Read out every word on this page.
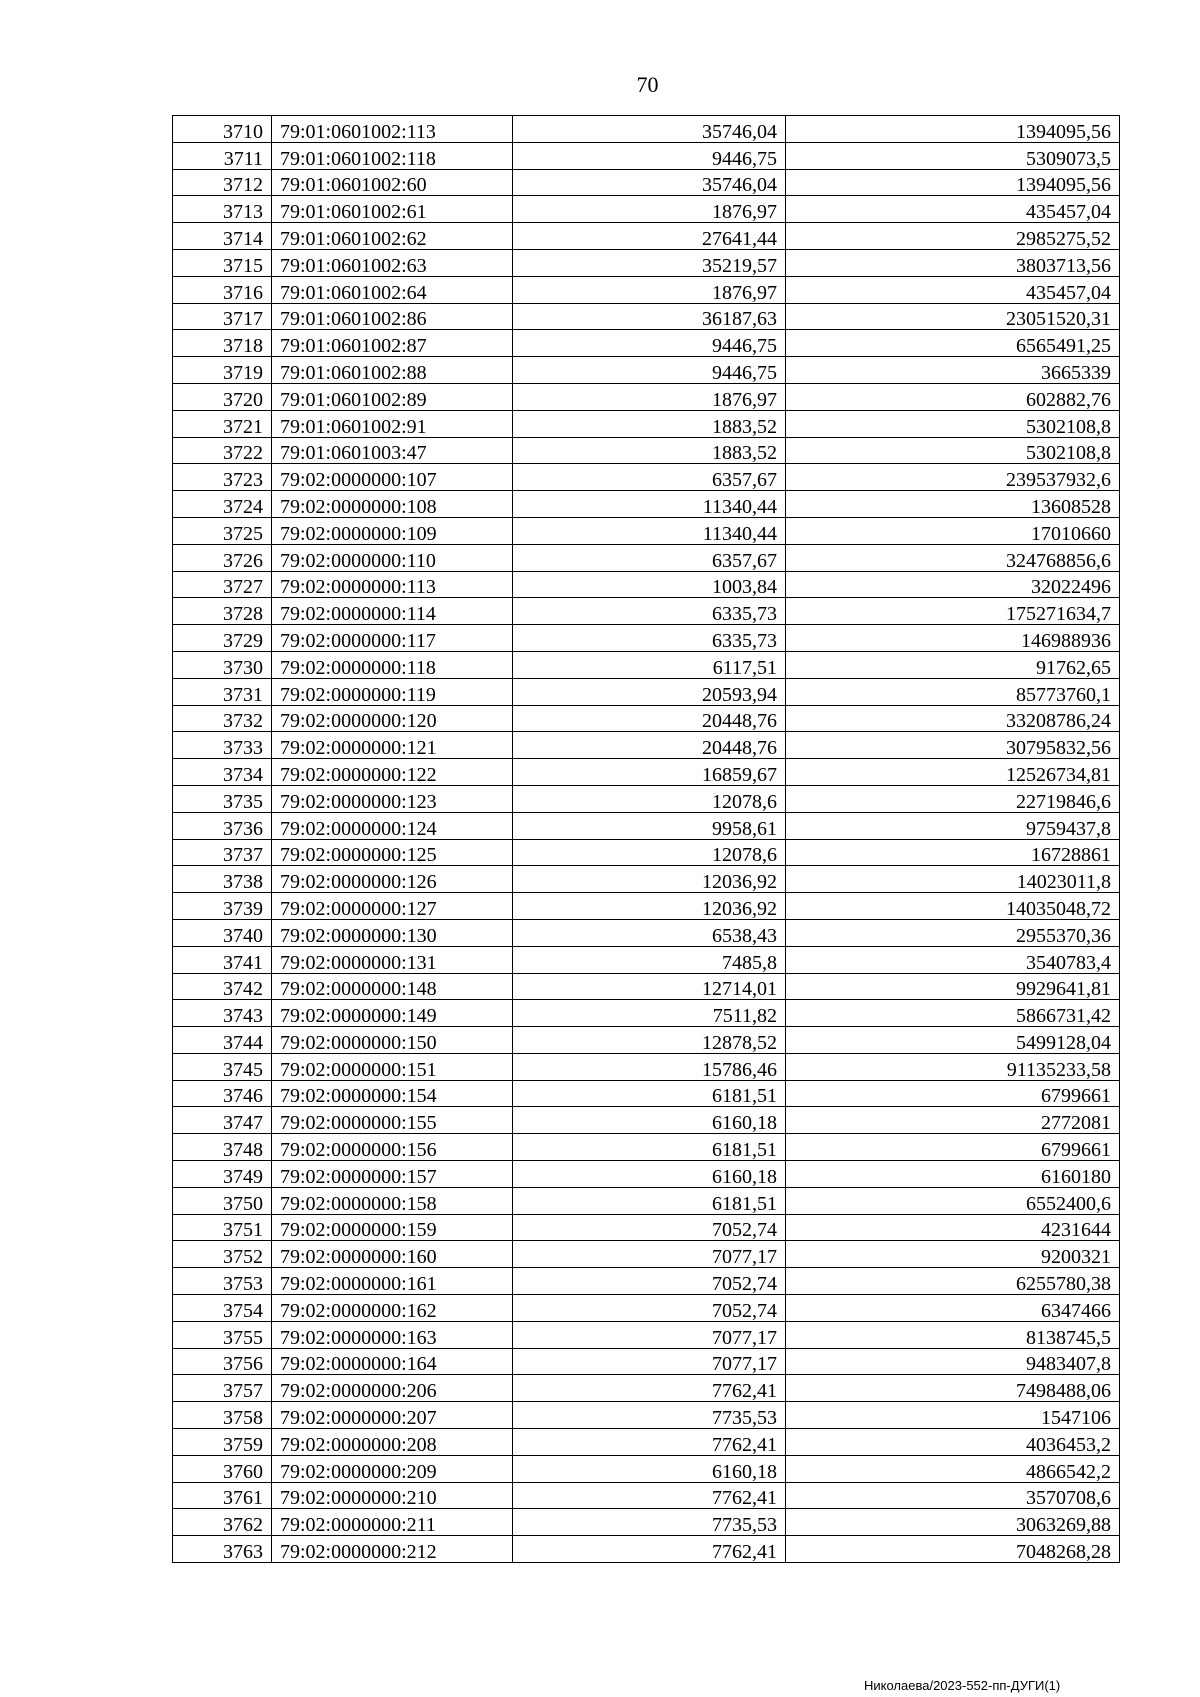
70
3710	79:01:0601002:113	35746,04	1394095,56
3711	79:01:0601002:118	9446,75	5309073,5
3712	79:01:0601002:60	35746,04	1394095,56
3713	79:01:0601002:61	1876,97	435457,04
3714	79:01:0601002:62	27641,44	2985275,52
3715	79:01:0601002:63	35219,57	3803713,56
3716	79:01:0601002:64	1876,97	435457,04
3717	79:01:0601002:86	36187,63	23051520,31
3718	79:01:0601002:87	9446,75	6565491,25
3719	79:01:0601002:88	9446,75	3665339
3720	79:01:0601002:89	1876,97	602882,76
3721	79:01:0601002:91	1883,52	5302108,8
3722	79:01:0601003:47	1883,52	5302108,8
3723	79:02:0000000:107	6357,67	239537932,6
3724	79:02:0000000:108	11340,44	13608528
3725	79:02:0000000:109	11340,44	17010660
3726	79:02:0000000:110	6357,67	324768856,6
3727	79:02:0000000:113	1003,84	32022496
3728	79:02:0000000:114	6335,73	175271634,7
3729	79:02:0000000:117	6335,73	146988936
3730	79:02:0000000:118	6117,51	91762,65
3731	79:02:0000000:119	20593,94	85773760,1
3732	79:02:0000000:120	20448,76	33208786,24
3733	79:02:0000000:121	20448,76	30795832,56
3734	79:02:0000000:122	16859,67	12526734,81
3735	79:02:0000000:123	12078,6	22719846,6
3736	79:02:0000000:124	9958,61	9759437,8
3737	79:02:0000000:125	12078,6	16728861
3738	79:02:0000000:126	12036,92	14023011,8
3739	79:02:0000000:127	12036,92	14035048,72
3740	79:02:0000000:130	6538,43	2955370,36
3741	79:02:0000000:131	7485,8	3540783,4
3742	79:02:0000000:148	12714,01	9929641,81
3743	79:02:0000000:149	7511,82	5866731,42
3744	79:02:0000000:150	12878,52	5499128,04
3745	79:02:0000000:151	15786,46	91135233,58
3746	79:02:0000000:154	6181,51	6799661
3747	79:02:0000000:155	6160,18	2772081
3748	79:02:0000000:156	6181,51	6799661
3749	79:02:0000000:157	6160,18	6160180
3750	79:02:0000000:158	6181,51	6552400,6
3751	79:02:0000000:159	7052,74	4231644
3752	79:02:0000000:160	7077,17	9200321
3753	79:02:0000000:161	7052,74	6255780,38
3754	79:02:0000000:162	7052,74	6347466
3755	79:02:0000000:163	7077,17	8138745,5
3756	79:02:0000000:164	7077,17	9483407,8
3757	79:02:0000000:206	7762,41	7498488,06
3758	79:02:0000000:207	7735,53	1547106
3759	79:02:0000000:208	7762,41	4036453,2
3760	79:02:0000000:209	6160,18	4866542,2
3761	79:02:0000000:210	7762,41	3570708,6
3762	79:02:0000000:211	7735,53	3063269,88
3763	79:02:0000000:212	7762,41	7048268,28
Николаева/2023-552-пп-ДУГИ(1)
